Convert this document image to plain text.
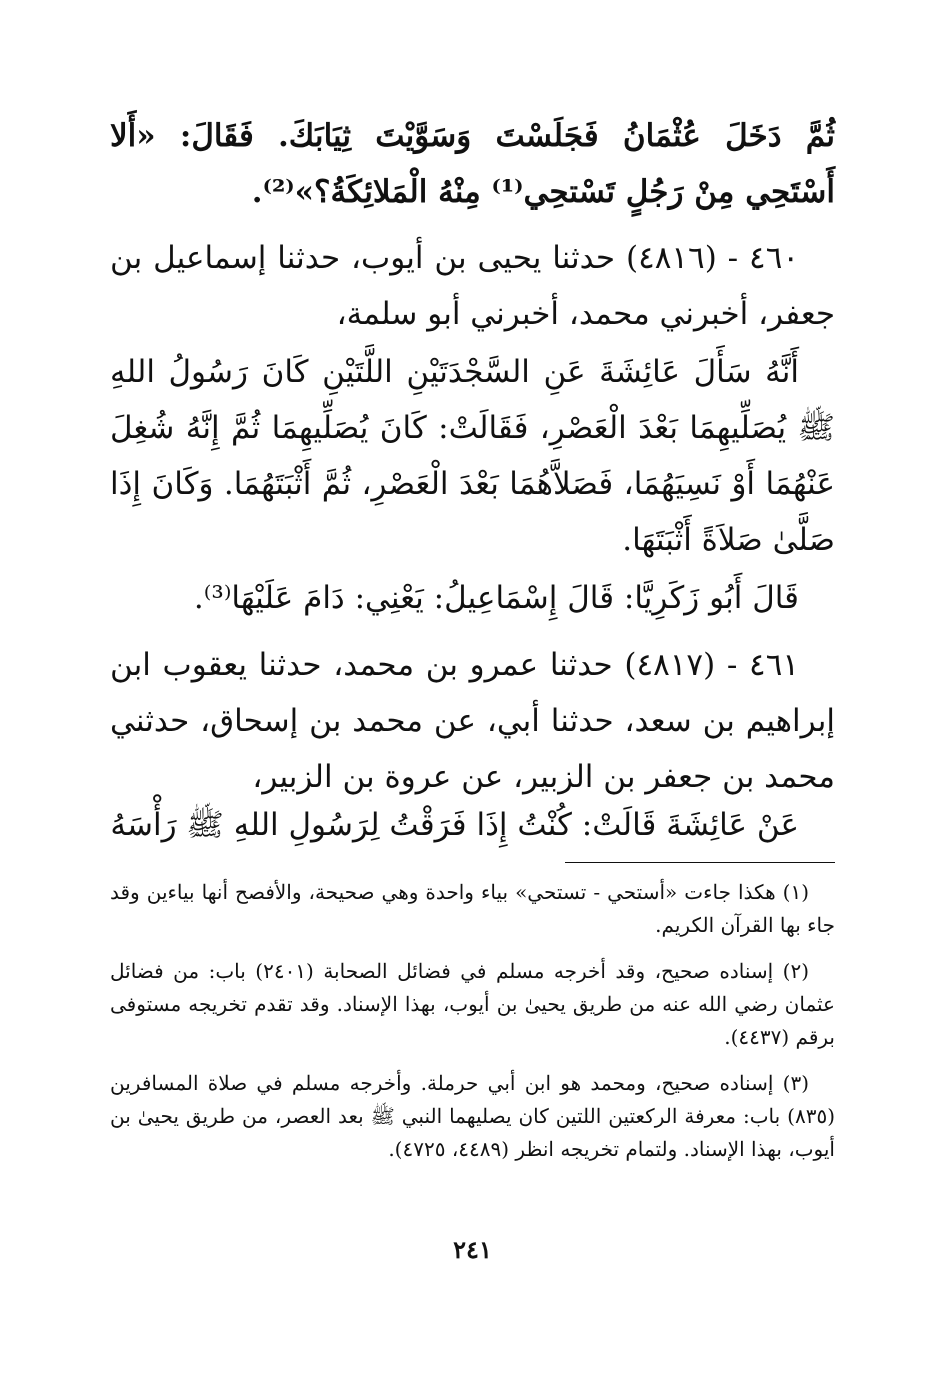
ثُمَّ دَخَلَ عُثْمَانُ فَجَلَسْتَ وَسَوَّيْتَ ثِيَابَكَ. فَقَالَ: «أَلا أَسْتَحِي مِنْ رَجُلٍ تَسْتحِي⁽¹⁾ مِنْهُ الْمَلائِكَةُ؟»⁽²⁾.
٤٦٠ - (٤٨١٦) حدثنا يحيى بن أيوب، حدثنا إسماعيل بن جعفر، أخبرني محمد، أخبرني أبو سلمة،
أَنَّهُ سَأَلَ عَائِشَةَ عَنِ السَّجْدَتَيْنِ اللَّتَيْنِ كَانَ رَسُولُ اللهِ ﷺ يُصَلِّيهِمَا بَعْدَ الْعَصْرِ، فَقَالَتْ: كَانَ يُصَلِّيهِمَا ثُمَّ إِنَّهُ شُغِلَ عَنْهُمَا أَوْ نَسِيَهُمَا، فَصَلاَّهُمَا بَعْدَ الْعَصْرِ، ثُمَّ أَثْبَتَهُمَا. وَكَانَ إِذَا صَلَّىٰ صَلاَةً أَثْبَتَهَا.
قَالَ أَبُو زَكَرِيَّا: قَالَ إِسْمَاعِيلُ: يَعْنِي: دَامَ عَلَيْهَا⁽³⁾.
٤٦١ - (٤٨١٧) حدثنا عمرو بن محمد، حدثنا يعقوب ابن إبراهيم بن سعد، حدثنا أبي، عن محمد بن إسحاق، حدثني محمد بن جعفر بن الزبير، عن عروة بن الزبير،
عَنْ عَائِشَةَ قَالَتْ: كُنْتُ إِذَا فَرَقْتُ لِرَسُولِ اللهِ ﷺ رَأْسَهُ
(١) هكذا جاءت «أستحي - تستحي» بياء واحدة وهي صحيحة، والأفصح أنها بياءين وقد جاء بها القرآن الكريم.
(٢) إسناده صحيح، وقد أخرجه مسلم في فضائل الصحابة (٢٤٠١) باب: من فضائل عثمان رضي الله عنه من طريق يحيىٰ بن أيوب، بهذا الإسناد. وقد تقدم تخريجه مستوفى برقم (٤٤٣٧).
(٣) إسناده صحيح، ومحمد هو ابن أبي حرملة. وأخرجه مسلم في صلاة المسافرين (٨٣٥) باب: معرفة الركعتين اللتين كان يصليهما النبي ﷺ بعد العصر، من طريق يحيىٰ بن أيوب، بهذا الإسناد. ولتمام تخريجه انظر (٤٤٨٩، ٤٧٢٥).
٢٤١
